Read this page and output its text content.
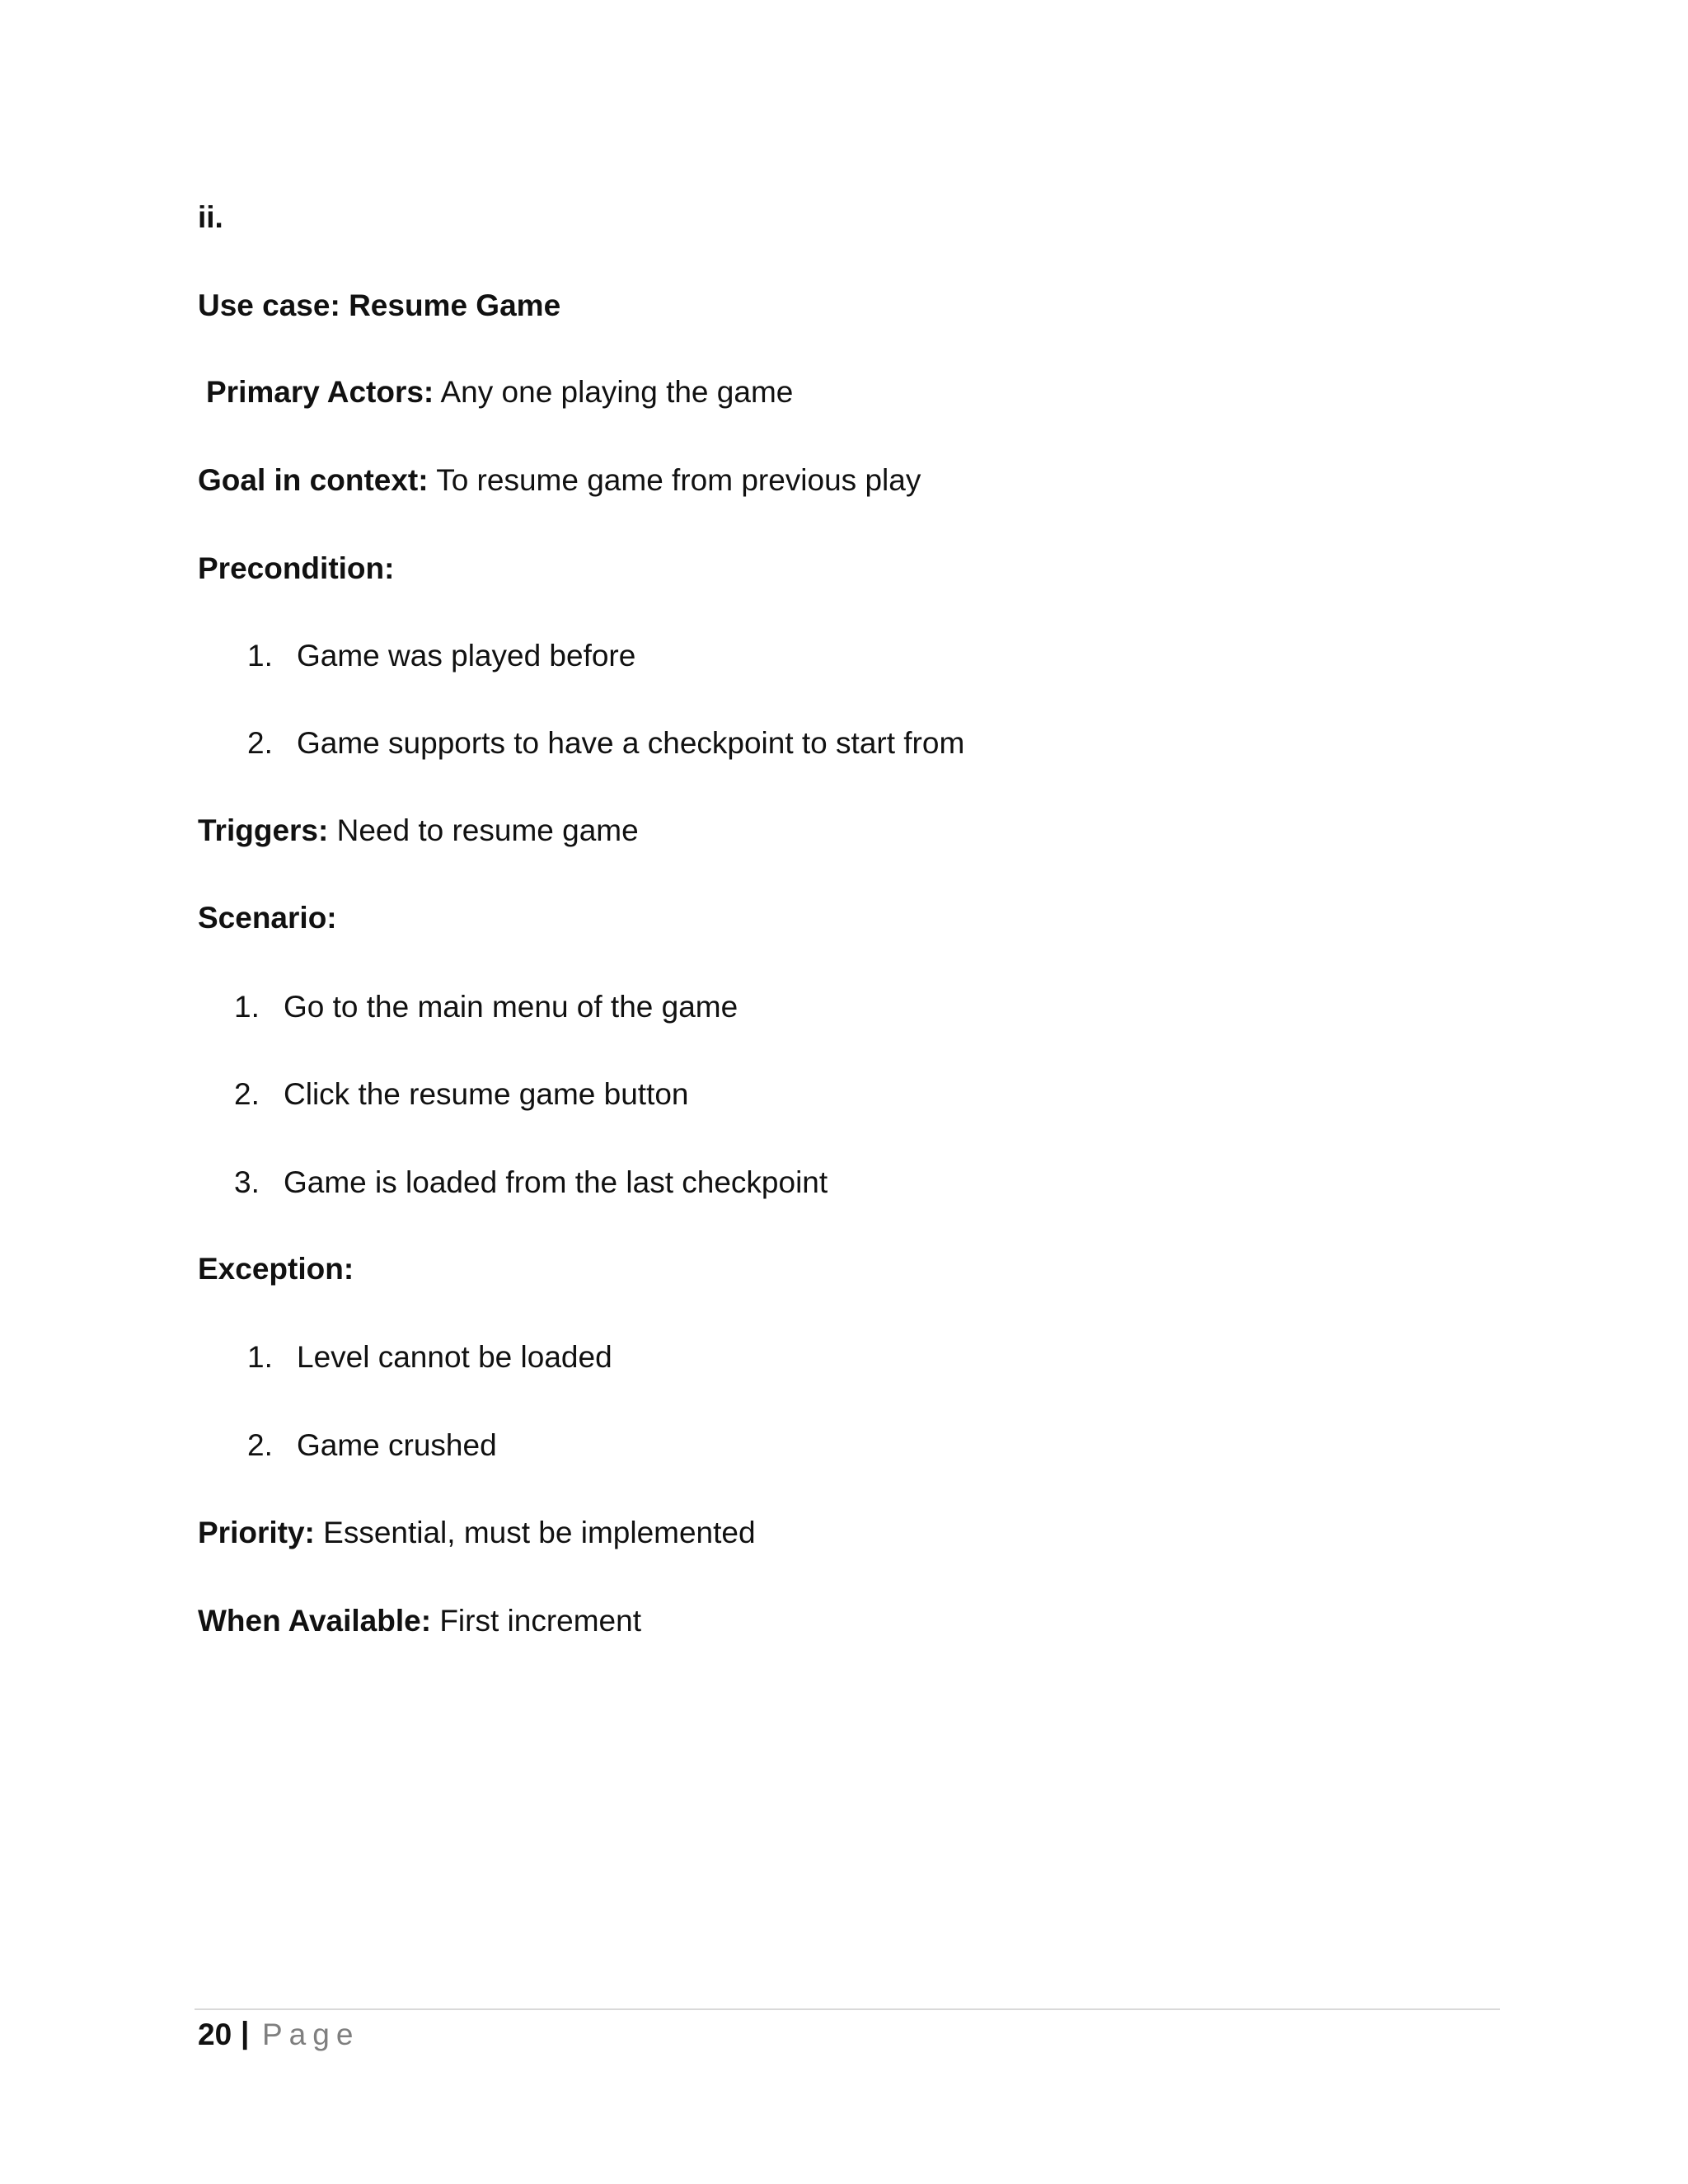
ii.
Use case: Resume Game
Primary Actors: Any one playing the game
Goal in context: To resume game from previous play
Precondition:
1. Game was played before
2. Game supports to have a checkpoint to start from
Triggers: Need to resume game
Scenario:
1. Go to the main menu of the game
2. Click the resume game button
3. Game is loaded from the last checkpoint
Exception:
1. Level cannot be loaded
2. Game crushed
Priority: Essential, must be implemented
When Available: First increment
20 | Page
